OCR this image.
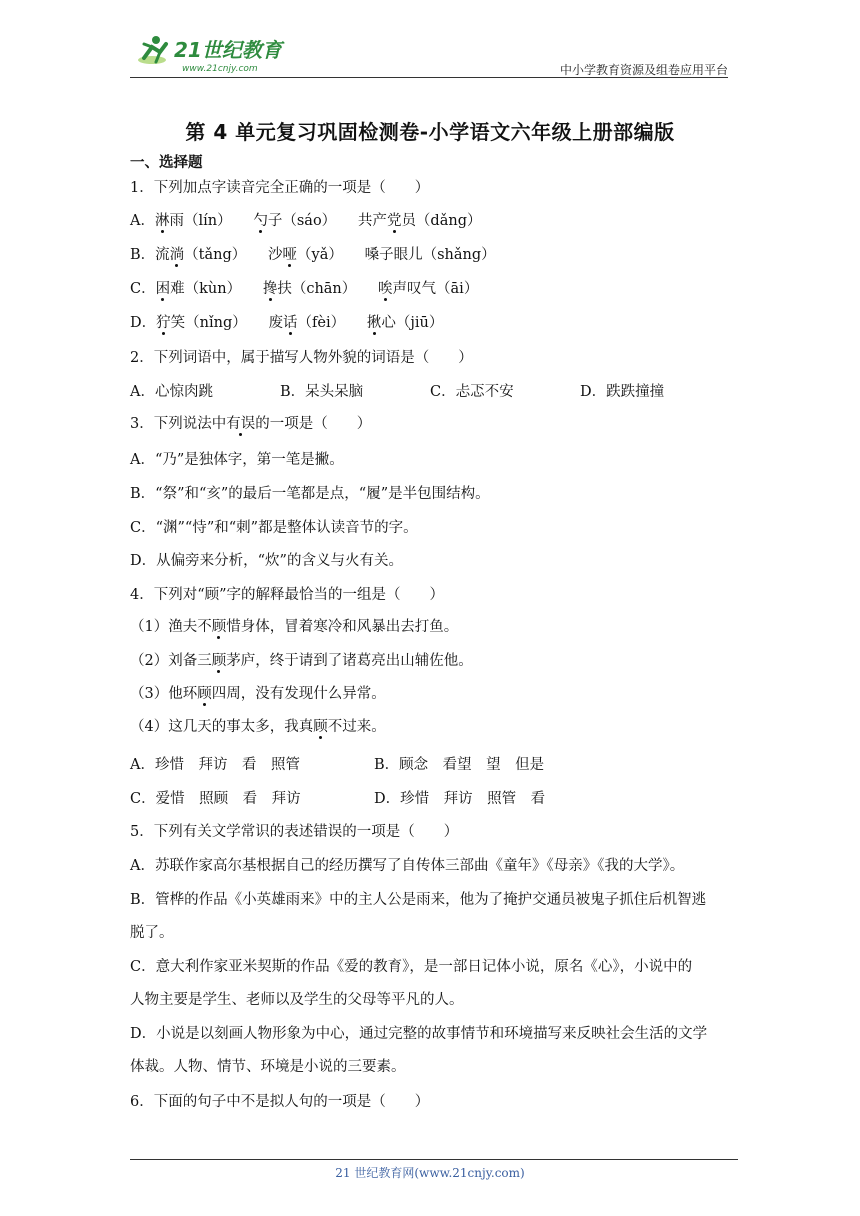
21世纪教育
www.21cnjy.com	中小学教育资源及组卷应用平台
第 4 单元复习巩固检测卷-小学语文六年级上册部编版
一、选择题
1．下列加点字读音完全正确的一项是（　　）
A．淋雨（lín）　　勺子（sáo）　　共产党员（dǎng）
B．流淌（tǎng）　　沙哑（yǎ）　　嗓子眼儿（shǎng）
C．困难（kùn）　　搀扶（chān）　　唉声叹气（āi）
D．狞笑（nǐng）　　废话（fèi）　　揪心（jiū）
2．下列词语中，属于描写人物外貌的词语是（　　）
A．心惊肉跳	B．呆头呆脑	C．忐忑不安	D．跌跌撞撞
3．下列说法中有误的一项是（　　）
A．“乃”是独体字，第一笔是撇。
B．“祭”和“亥”的最后一笔都是点，“履”是半包围结构。
C．“渊”“恃”和“刺”都是整体认读音节的字。
D．从偏旁来分析，“炊”的含义与火有关。
4．下列对“顾”字的解释最恰当的一组是（　　）
（1）渔夫不顾惜身体，冒着寒冷和风暴出去打鱼。
（2）刘备三顾茅庐，终于请到了诸葛亮出山辅佐他。
（3）他环顾四周，没有发现什么异常。
（4）这几天的事太多，我真顾不过来。
A．珍惜　拜访　看　照管	B．顾念　看望　望　但是
C．爱惜　照顾　看　拜访	D．珍惜　拜访　照管　看
5．下列有关文学常识的表述错误的一项是（　　）
A．苏联作家高尔基根据自己的经历撰写了自传体三部曲《童年》《母亲》《我的大学》。
B．管桦的作品《小英雄雨来》中的主人公是雨来，他为了掩护交通员被鬼子抓住后机智逃
脱了。
C．意大利作家亚米契斯的作品《爱的教育》，是一部日记体小说，原名《心》，小说中的
人物主要是学生、老师以及学生的父母等平凡的人。
D．小说是以刻画人物形象为中心，通过完整的故事情节和环境描写来反映社会生活的文学
体裁。人物、情节、环境是小说的三要素。
6．下面的句子中不是拟人句的一项是（　　）
21 世纪教育网(www.21cnjy.com)
